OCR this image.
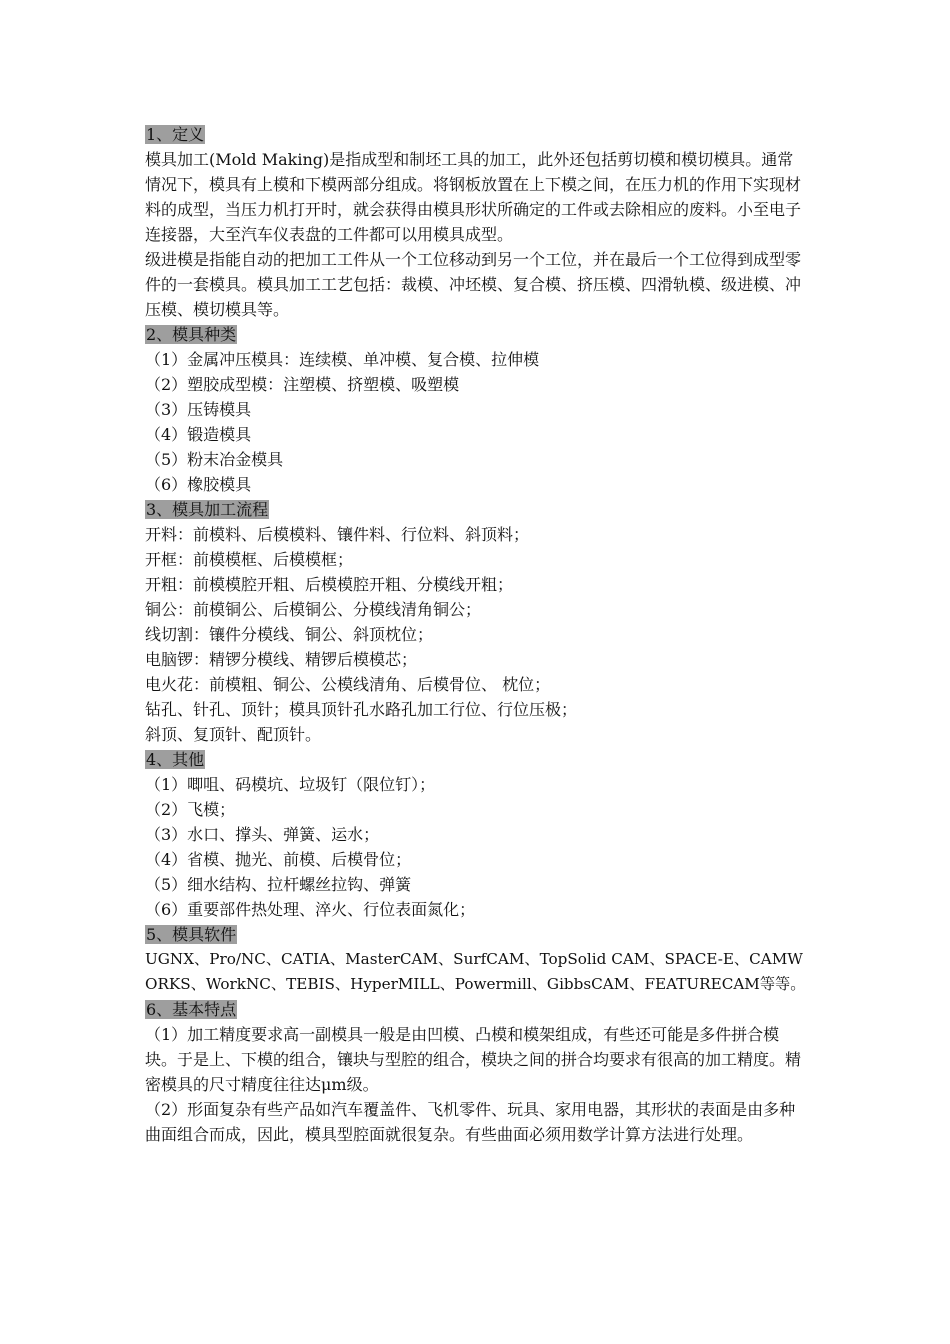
1、定义

模具加工(Mold Making)是指成型和制坯工具的加工，此外还包括剪切模和模切模具。通常情况下，模具有上模和下模两部分组成。将钢板放置在上下模之间，在压力机的作用下实现材料的成型，当压力机打开时，就会获得由模具形状所确定的工件或去除相应的废料。小至电子连接器，大至汽车仪表盘的工件都可以用模具成型。

级进模是指能自动的把加工工件从一个工位移动到另一个工位，并在最后一个工位得到成型零件的一套模具。模具加工工艺包括：裁模、冲坯模、复合模、挤压模、四滑轨模、级进模、冲压模、模切模具等。

2、模具种类

（1）金属冲压模具：连续模、单冲模、复合模、拉伸模

（2）塑胶成型模：注塑模、挤塑模、吸塑模

（3）压铸模具

（4）锻造模具

（5）粉末冶金模具

（6）橡胶模具

3、模具加工流程

开料：前模料、后模模料、镶件料、行位料、斜顶料；

开框：前模模框、后模模框；

开粗：前模模腔开粗、后模模腔开粗、分模线开粗；

铜公：前模铜公、后模铜公、分模线清角铜公；

线切割：镶件分模线、铜公、斜顶枕位；

电脑锣：精锣分模线、精锣后模模芯；

电火花：前模粗、铜公、公模线清角、后模骨位、 枕位；

钻孔、针孔、顶针；模具顶针孔水路孔加工行位、行位压极；

斜顶、复顶针、配顶针。

4、其他

（1）唧咀、码模坑、垃圾钉（限位钉）；

（2）飞模；

（3）水口、撑头、弹簧、运水；

（4）省模、抛光、前模、后模骨位；

（5）细水结构、拉杆螺丝拉钩、弹簧

（6）重要部件热处理、淬火、行位表面氮化；

5、模具软件

UGNX、Pro/NC、CATIA、MasterCAM、SurfCAM、TopSolid CAM、SPACE-E、CAMWORKS、WorkNC、TEBIS、HyperMILL、Powermill、GibbsCAM、FEATURECAM等等。

6、基本特点

（1）加工精度要求高一副模具一般是由凹模、凸模和模架组成，有些还可能是多件拼合模块。于是上、下模的组合，镶块与型腔的组合，模块之间的拼合均要求有很高的加工精度。精密模具的尺寸精度往往达μm级。

（2）形面复杂有些产品如汽车覆盖件、飞机零件、玩具、家用电器，其形状的表面是由多种曲面组合而成，因此，模具型腔面就很复杂。有些曲面必须用数学计算方法进行处理。
